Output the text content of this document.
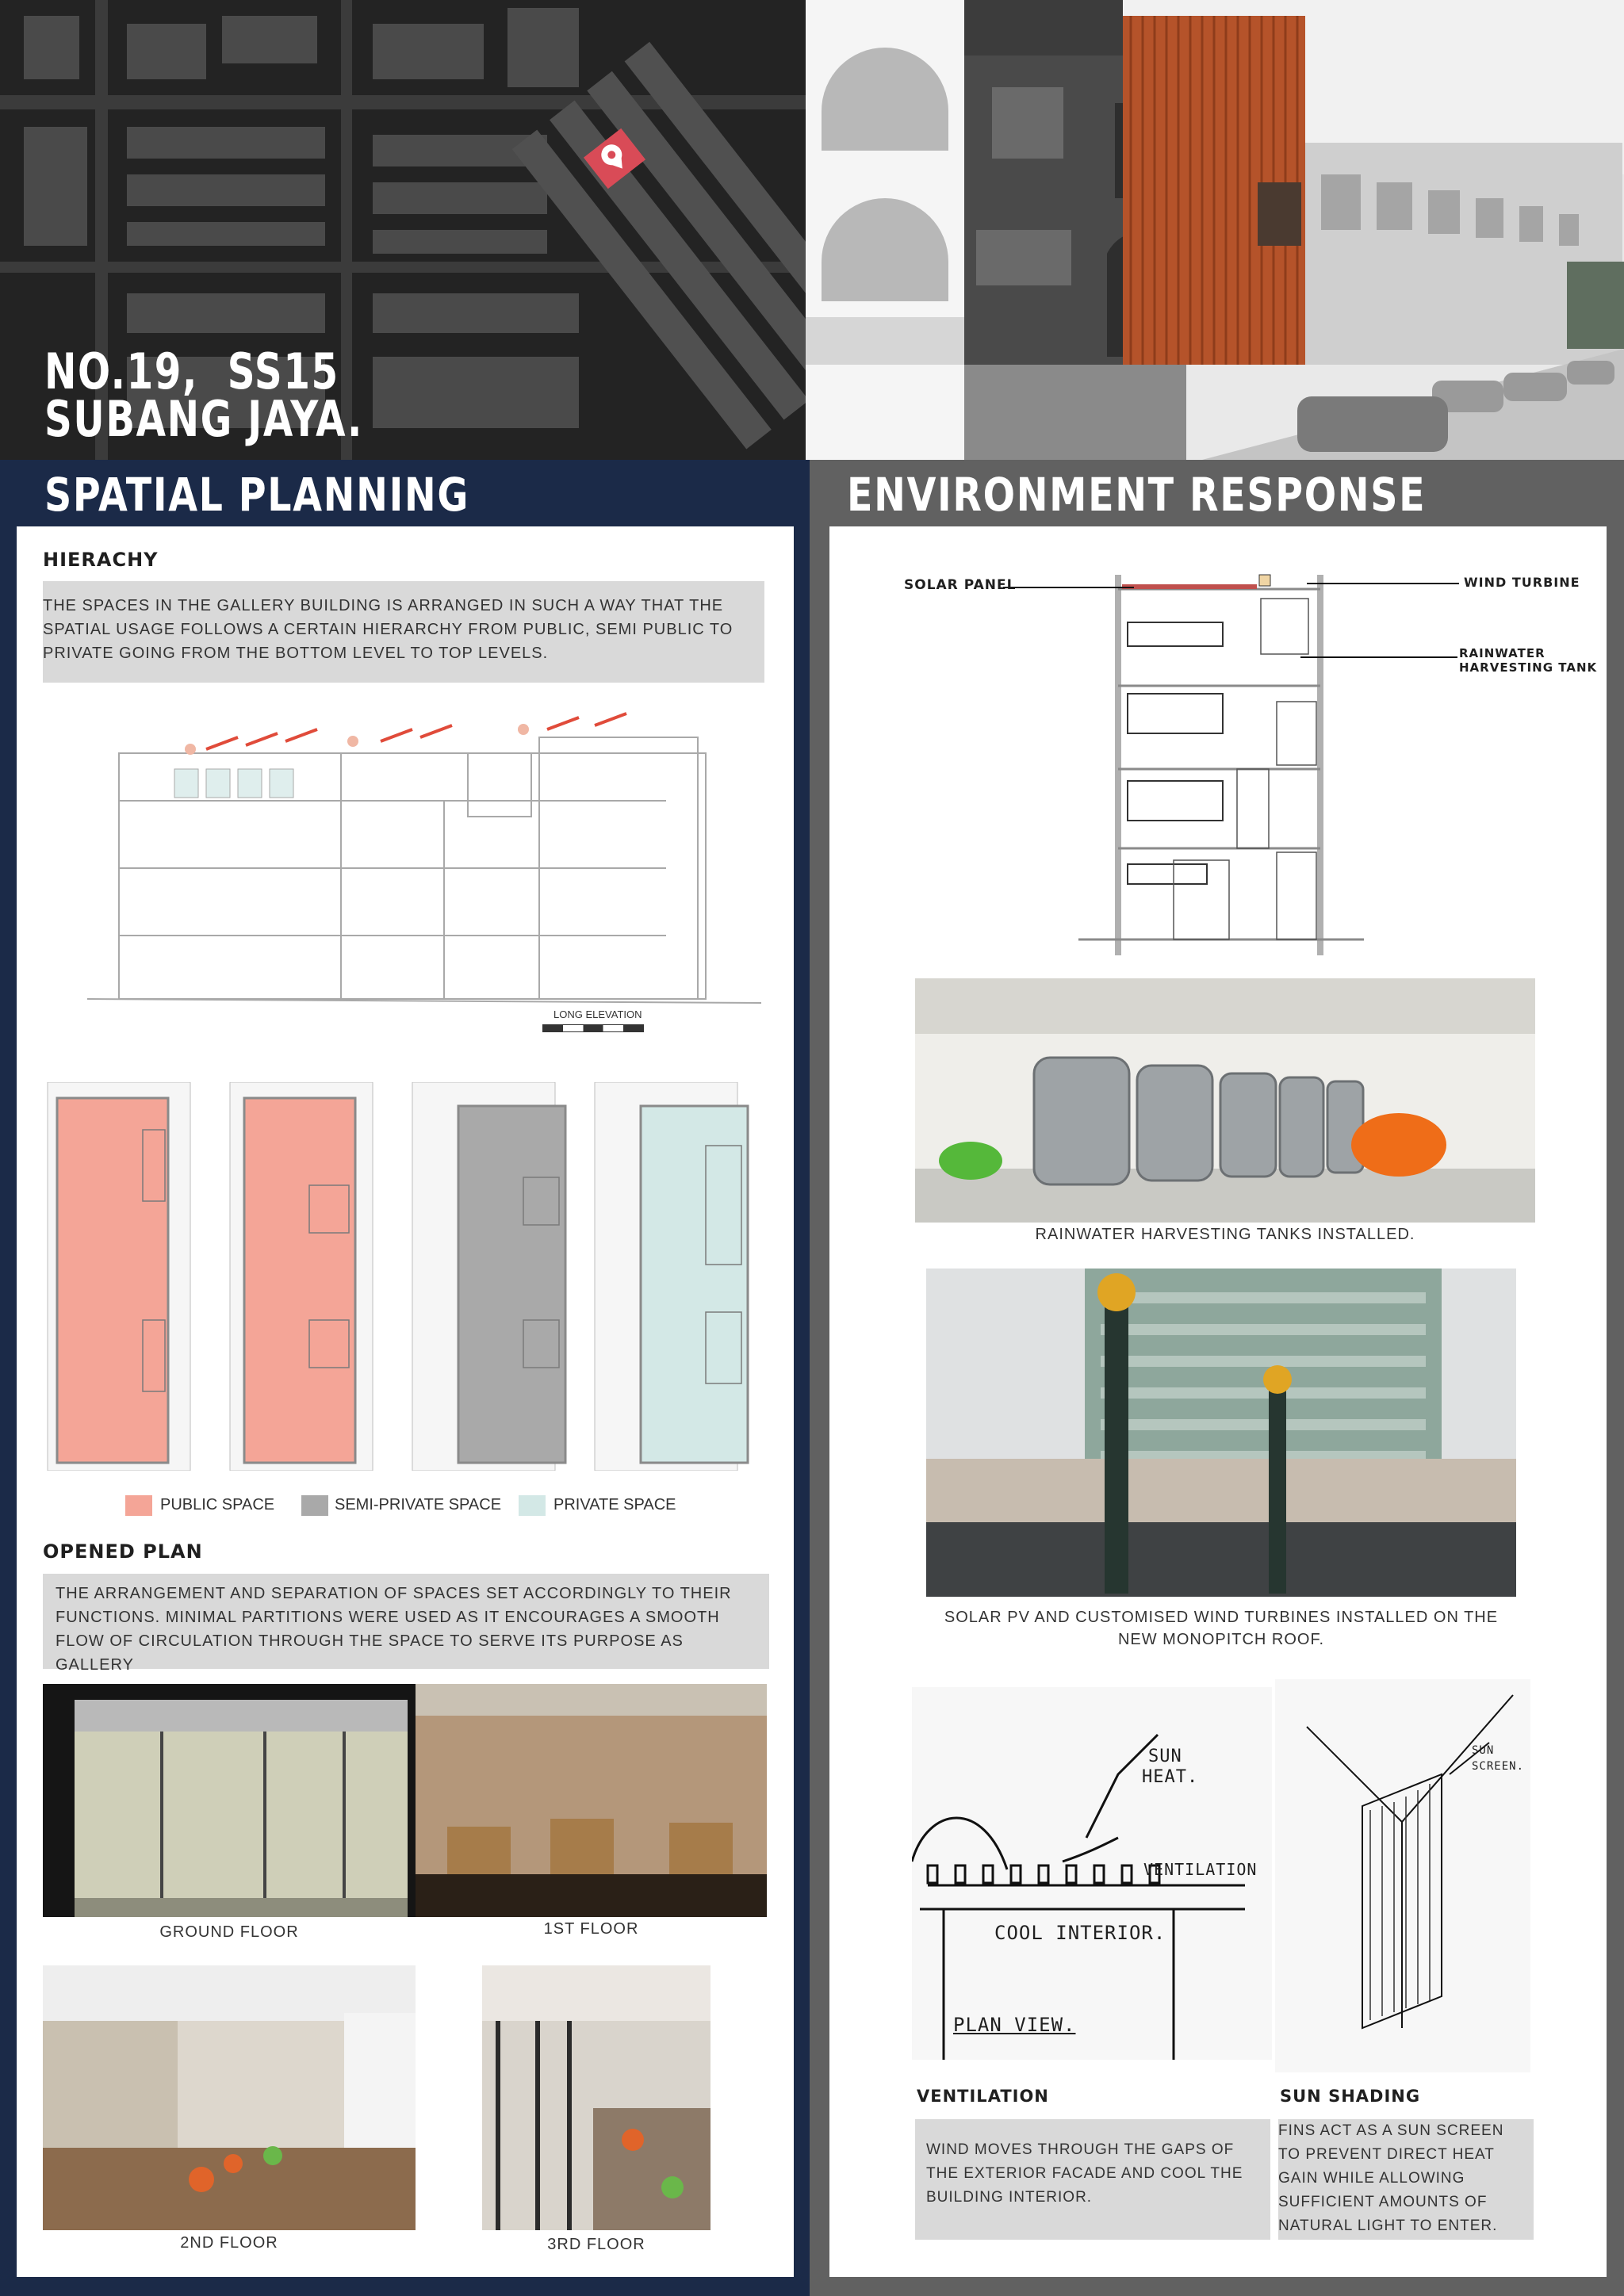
NO.19,  SS15
SUBANG JAYA.
SPATIAL PLANNING
HIERACHY
THE SPACES IN THE GALLERY BUILDING IS ARRANGED IN SUCH A WAY THAT THE SPATIAL USAGE FOLLOWS A CERTAIN HIERARCHY FROM PUBLIC, SEMI PUBLIC TO PRIVATE GOING FROM THE BOTTOM LEVEL TO TOP LEVELS.
LONG ELEVATION
PUBLIC SPACE	SEMI-PRIVATE SPACE	PRIVATE SPACE
OPENED PLAN
THE ARRANGEMENT AND SEPARATION OF SPACES SET ACCORDINGLY TO THEIR FUNCTIONS. MINIMAL PARTITIONS WERE USED AS IT ENCOURAGES A SMOOTH FLOW OF CIRCULATION THROUGH THE SPACE TO SERVE ITS PURPOSE AS GALLERY
GROUND FLOOR	1ST FLOOR
2ND FLOOR	3RD FLOOR
ENVIRONMENT RESPONSE
SOLAR PANEL	WIND TURBINE
RAINWATER
HARVESTING TANK
RAINWATER HARVESTING TANKS INSTALLED.
SOLAR PV AND CUSTOMISED WIND TURBINES INSTALLED ON THE NEW MONOPITCH ROOF.
SUN
HEAT.
VENTILATION
COOL INTERIOR.
PLAN VIEW.
SUN
SCREEN.
VENTILATION
WIND MOVES THROUGH THE GAPS OF THE EXTERIOR FACADE AND COOL THE BUILDING INTERIOR.
SUN SHADING
FINS ACT AS A SUN SCREEN TO PREVENT DIRECT HEAT GAIN WHILE ALLOWING SUFFICIENT AMOUNTS OF NATURAL LIGHT TO ENTER.
